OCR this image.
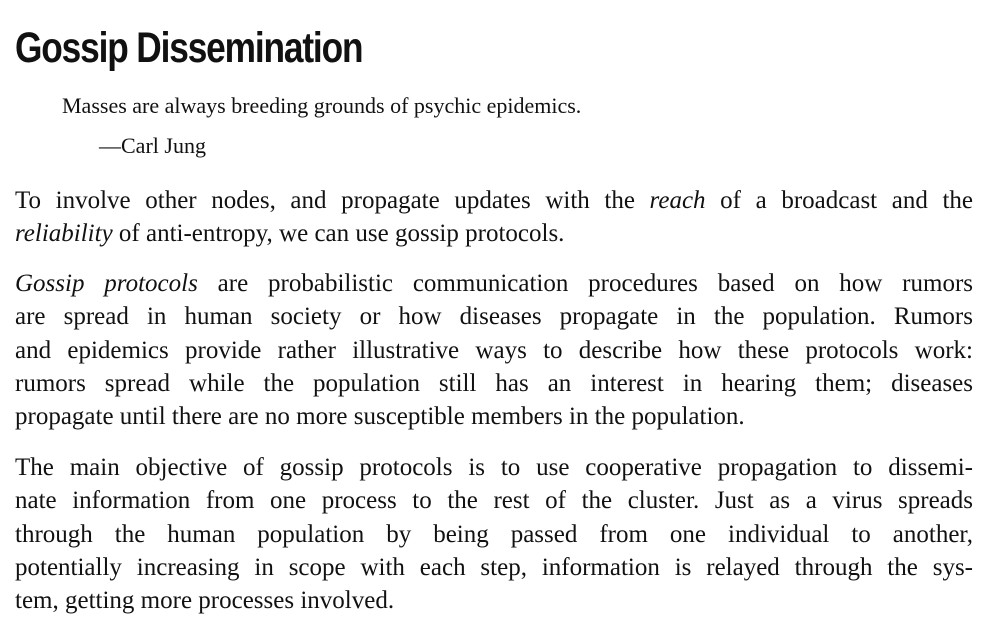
Gossip Dissemination

Masses are always breeding grounds of psychic epidemics.

—Carl Jung

To involve other nodes, and propagate updates with the reach of a broadcast and the
reliability of anti-entropy, we can use gossip protocols.

Gossip protocols are probabilistic communication procedures based on how rumors
are spread in human society or how diseases propagate in the population. Rumors
and epidemics provide rather illustrative ways to describe how these protocols work:
rumors spread while the population still has an interest in hearing them; diseases
propagate until there are no more susceptible members in the population.

The main objective of gossip protocols is to use cooperative propagation to dissemi-
nate information from one process to the rest of the cluster. Just as a virus spreads
through the human population by being passed from one individual to another,
potentially increasing in scope with each step, information is relayed through the sys-
tem, getting more processes involved.
